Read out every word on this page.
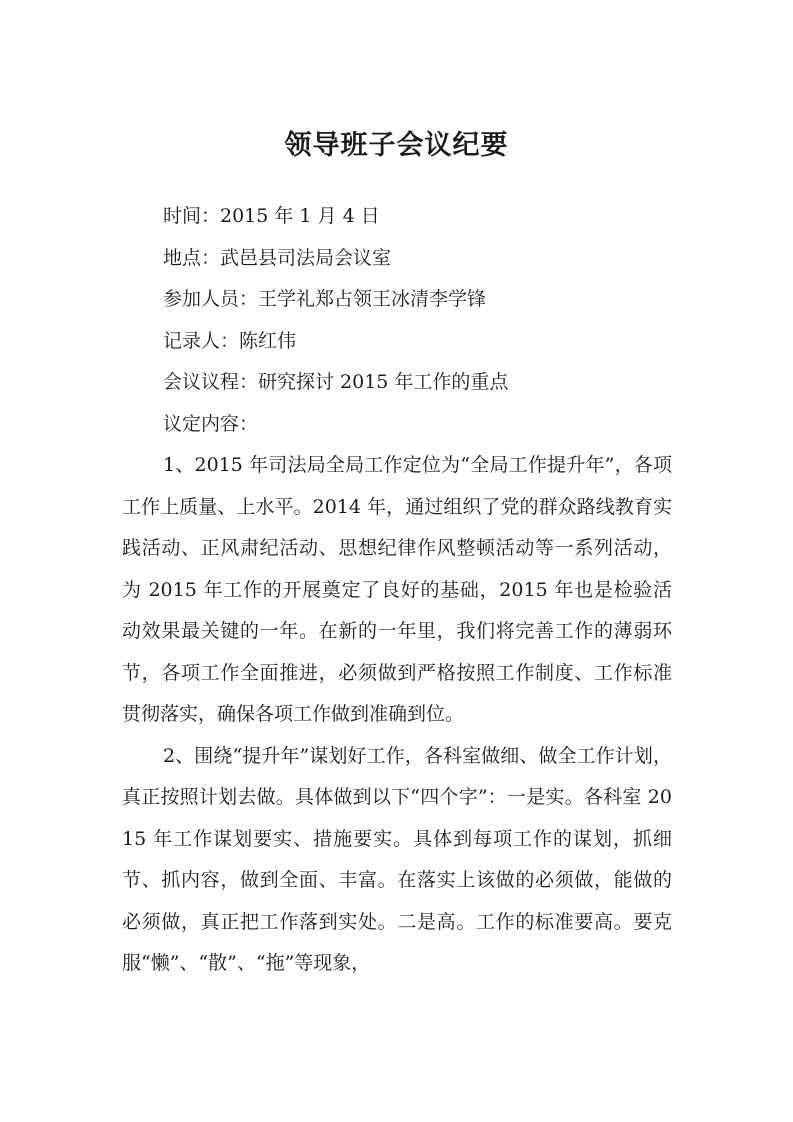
领导班子会议纪要
时间：2015 年 1 月 4 日
地点：武邑县司法局会议室
参加人员：王学礼郑占领王冰清李学锋
记录人：陈红伟
会议议程：研究探讨 2015 年工作的重点
议定内容：

1、2015 年司法局全局工作定位为“全局工作提升年”，各项工作上质量、上水平。2014 年，通过组织了党的群众路线教育实践活动、正风肃纪活动、思想纪律作风整顿活动等一系列活动，为 2015 年工作的开展奠定了良好的基础，2015 年也是检验活动效果最关键的一年。在新的一年里，我们将完善工作的薄弱环节，各项工作全面推进，必须做到严格按照工作制度、工作标准贯彻落实，确保各项工作做到准确到位。

2、围绕“提升年”谋划好工作，各科室做细、做全工作计划，真正按照计划去做。具体做到以下“四个字”：一是实。各科室 2015 年工作谋划要实、措施要实。具体到每项工作的谋划，抓细节、抓内容，做到全面、丰富。在落实上该做的必须做，能做的必须做，真正把工作落到实处。二是高。工作的标准要高。要克服“懒”、“散”、“拖”等现象，
